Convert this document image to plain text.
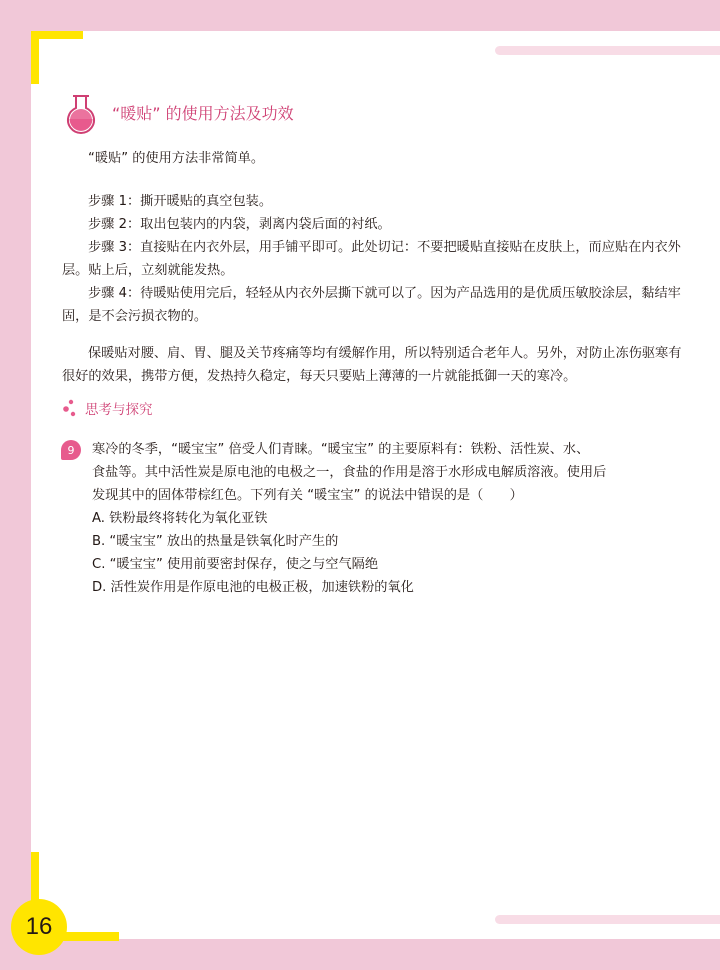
“暖贴” 的使用方法及功效

“暖贴” 的使用方法非常简单。

步骤 1：撕开暖贴的真空包装。

步骤 2：取出包装内的内袋，剥离内袋后面的衬纸。

步骤 3：直接贴在内衣外层，用手铺平即可。此处切记：不要把暖贴直接贴在皮肤上，而应贴在内衣外层。贴上后，立刻就能发热。

步骤 4：待暖贴使用完后，轻轻从内衣外层撕下就可以了。因为产品选用的是优质压敏胶涂层，黏结牢固，是不会污损衣物的。

保暖贴对腰、肩、胃、腿及关节疼痛等均有缓解作用，所以特别适合老年人。另外，对防止冻伤驱寒有很好的效果，携带方便，发热持久稳定，每天只要贴上薄薄的一片就能抵御一天的寒冷。

思考与探究
9	寒冷的冬季，“暖宝宝” 倍受人们青睐。“暖宝宝” 的主要原料有：铁粉、活性炭、水、

食盐等。其中活性炭是原电池的电极之一，食盐的作用是溶于水形成电解质溶液。使用后

发现其中的固体带棕红色。下列有关 “暖宝宝” 的说法中错误的是（　　）

A. 铁粉最终将转化为氧化亚铁

B. “暖宝宝” 放出的热量是铁氧化时产生的

C. “暖宝宝” 使用前要密封保存，使之与空气隔绝

D. 活性炭作用是作原电池的电极正极，加速铁粉的氧化

16
